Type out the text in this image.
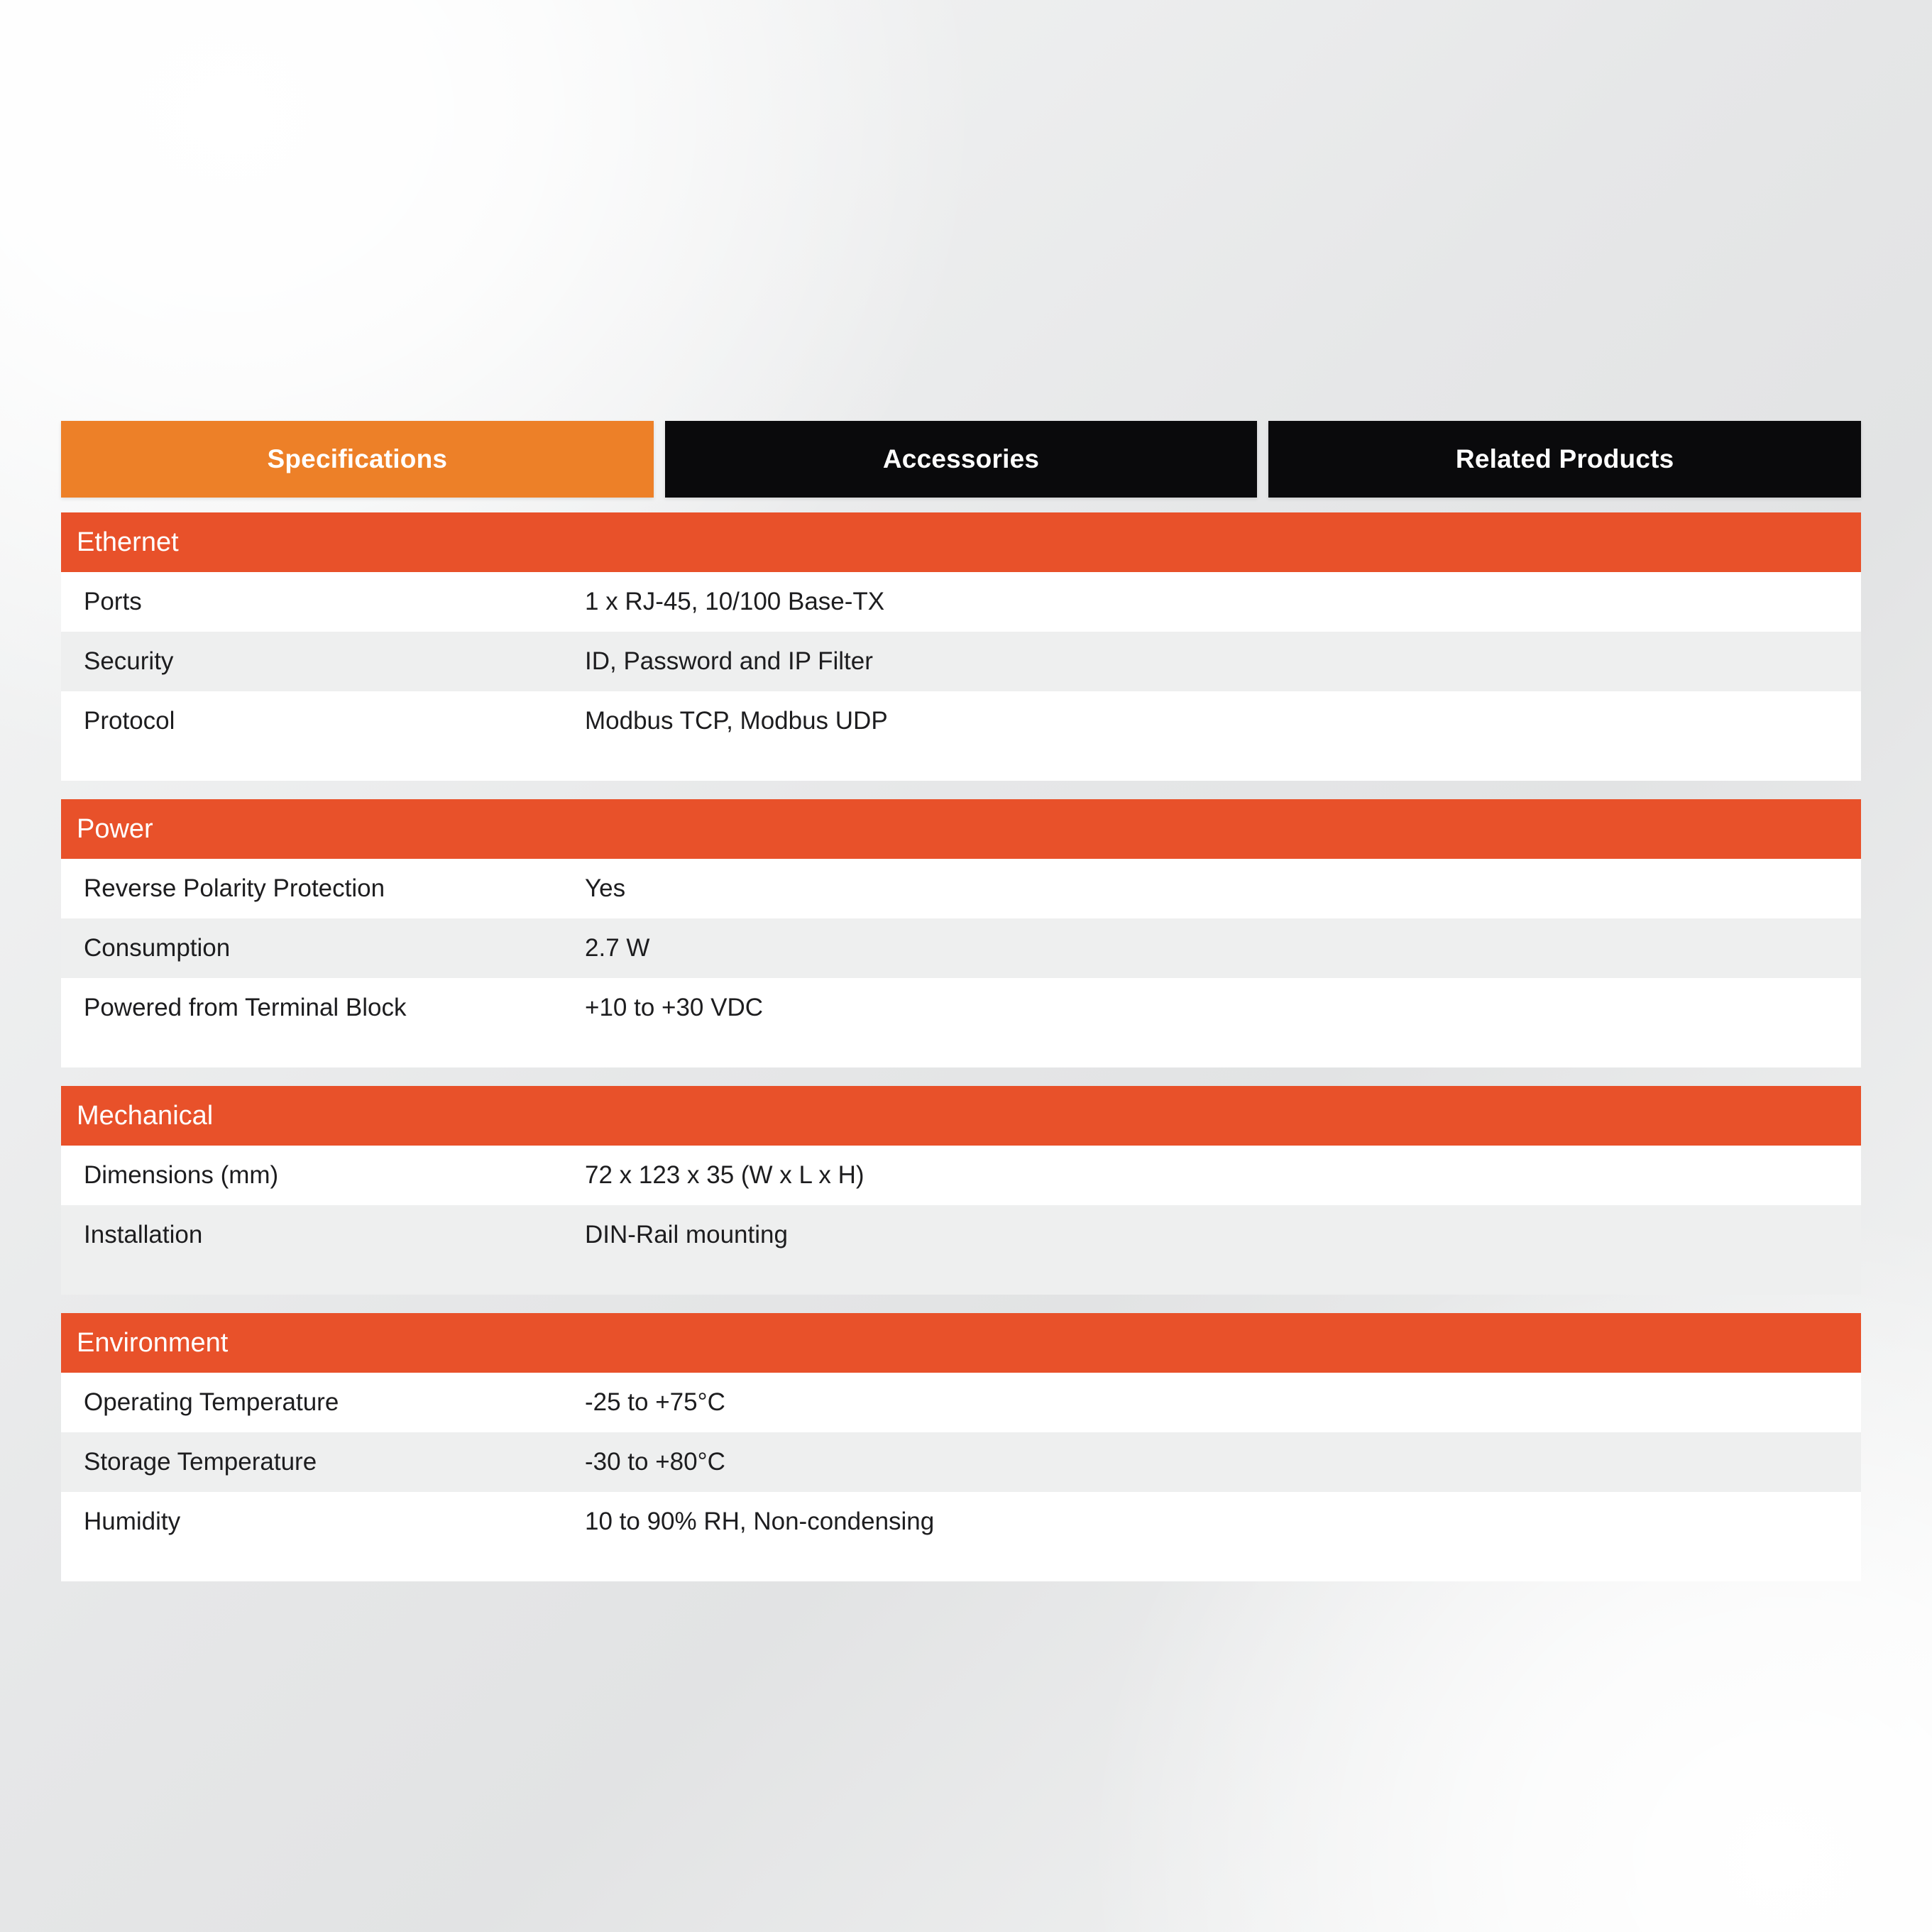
Specifications	Accessories	Related Products
Ethernet
Ports	1 x RJ-45, 10/100 Base-TX
Security	ID, Password and IP Filter
Protocol	Modbus TCP, Modbus UDP
Power
Reverse Polarity Protection	Yes
Consumption	2.7 W
Powered from Terminal Block	+10 to +30 VDC
Mechanical
Dimensions (mm)	72 x 123 x 35 (W x L x H)
Installation	DIN-Rail mounting
Environment
Operating Temperature	-25 to +75°C
Storage Temperature	-30 to +80°C
Humidity	10 to 90% RH, Non-condensing
